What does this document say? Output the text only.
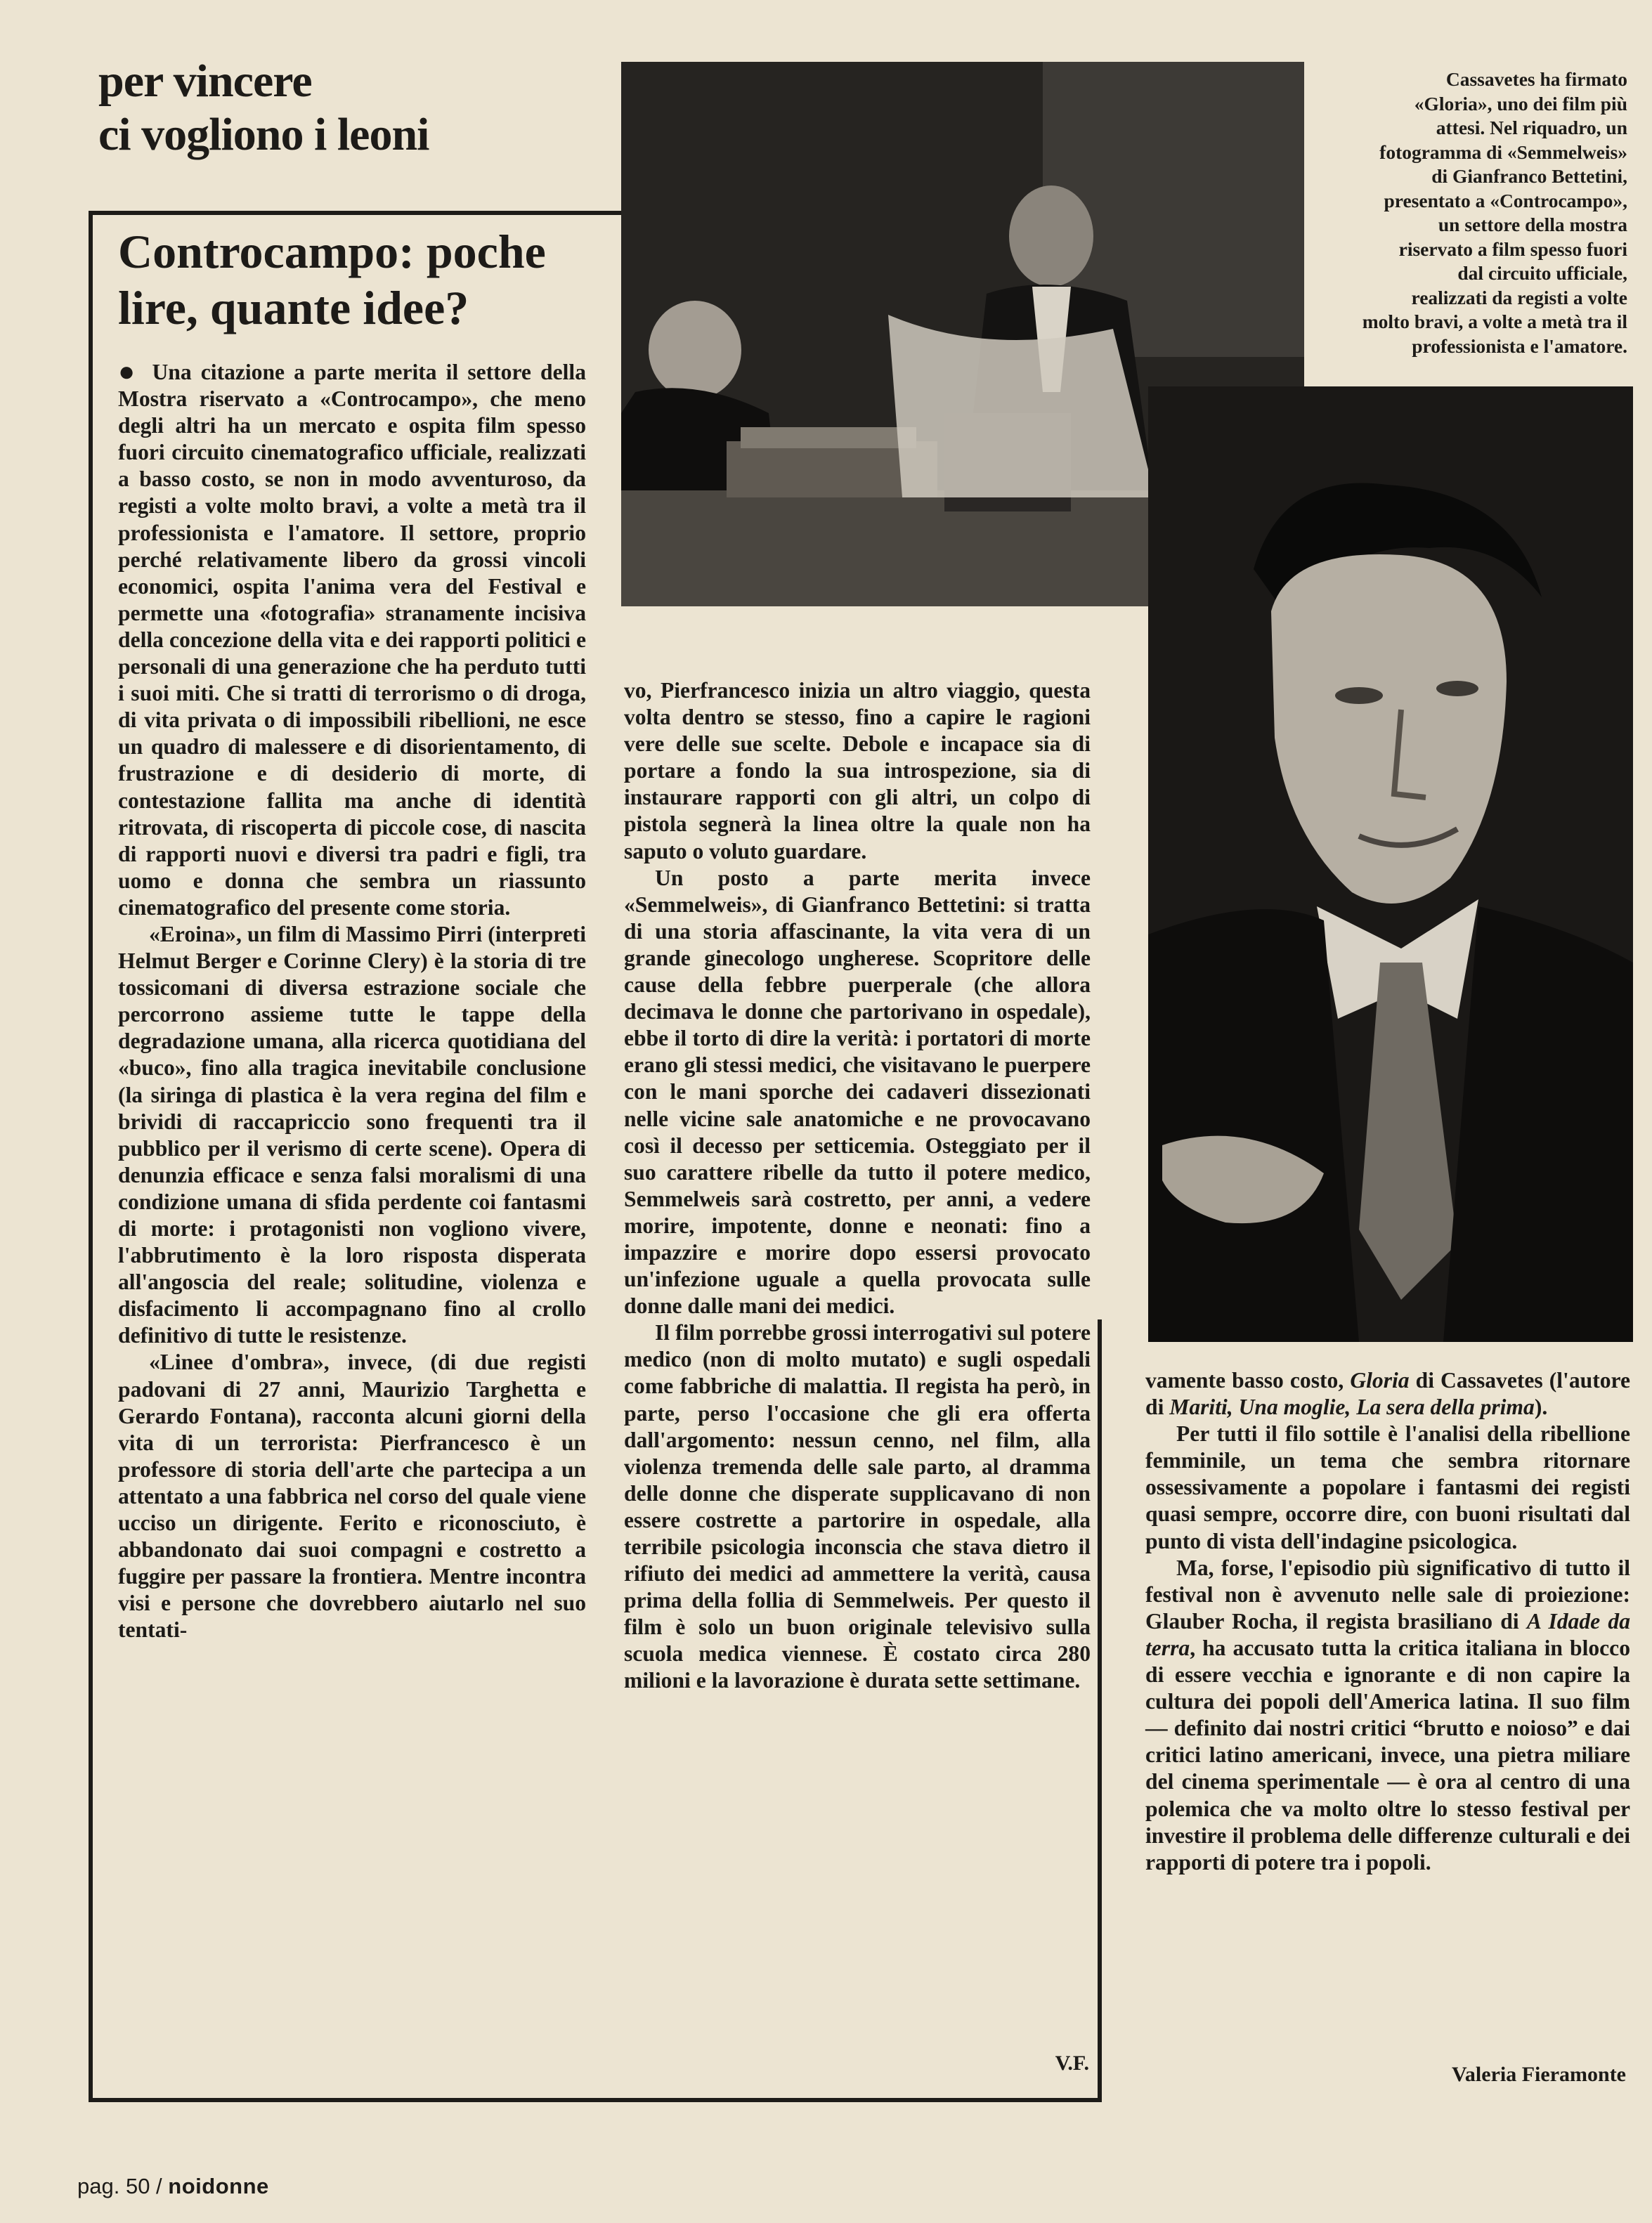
per vincere
ci vogliono i leoni
Cassavetes ha firmato
«Gloria», uno dei film più
attesi. Nel riquadro, un
fotogramma di «Semmelweis»
di Gianfranco Bettetini,
presentato a «Controcampo»,
un settore della mostra
riservato a film spesso fuori
dal circuito ufficiale,
realizzati da registi a volte
molto bravi, a volte a metà tra il
professionista e l'amatore.
Controcampo: poche
lire, quante idee?

● Una citazione a parte merita il settore della Mostra riservato a «Controcampo», che meno degli altri ha un mercato e ospita film spesso fuori circuito cinematografico ufficiale, realizzati a basso costo, se non in modo avventuroso, da registi a volte molto bravi, a volte a metà tra il professionista e l'amatore. Il settore, proprio perché relativamente libero da grossi vincoli economici, ospita l'anima vera del Festival e permette una «fotografia» stranamente incisiva della concezione della vita e dei rapporti politici e personali di una generazione che ha perduto tutti i suoi miti. Che si tratti di terrorismo o di droga, di vita privata o di impossibili ribellioni, ne esce un quadro di malessere e di disorientamento, di frustrazione e di desiderio di morte, di contestazione fallita ma anche di identità ritrovata, di riscoperta di piccole cose, di nascita di rapporti nuovi e diversi tra padri e figli, tra uomo e donna che sembra un riassunto cinematografico del presente come storia.

«Eroina», un film di Massimo Pirri (interpreti Helmut Berger e Corinne Clery) è la storia di tre tossicomani di diversa estrazione sociale che percorrono assieme tutte le tappe della degradazione umana, alla ricerca quotidiana del «buco», fino alla tragica inevitabile conclusione (la siringa di plastica è la vera regina del film e brividi di raccapriccio sono frequenti tra il pubblico per il verismo di certe scene). Opera di denunzia efficace e senza falsi moralismi di una condizione umana di sfida perdente coi fantasmi di morte: i protagonisti non vogliono vivere, l'abbrutimento è la loro risposta disperata all'angoscia del reale; solitudine, violenza e disfacimento li accompagnano fino al crollo definitivo di tutte le resistenze.

«Linee d'ombra», invece, (di due registi padovani di 27 anni, Maurizio Targhetta e Gerardo Fontana), racconta alcuni giorni della vita di un terrorista: Pierfrancesco è un professore di storia dell'arte che partecipa a un attentato a una fabbrica nel corso del quale viene ucciso un dirigente. Ferito e riconosciuto, è abbandonato dai suoi compagni e costretto a fuggire per passare la frontiera. Mentre incontra visi e persone che dovrebbero aiutarlo nel suo tentati-

vo, Pierfrancesco inizia un altro viaggio, questa volta dentro se stesso, fino a capire le ragioni vere delle sue scelte. Debole e incapace sia di portare a fondo la sua introspezione, sia di instaurare rapporti con gli altri, un colpo di pistola segnerà la linea oltre la quale non ha saputo o voluto guardare.

Un posto a parte merita invece «Semmelweis», di Gianfranco Bettetini: si tratta di una storia affascinante, la vita vera di un grande ginecologo ungherese. Scopritore delle cause della febbre puerperale (che allora decimava le donne che partorivano in ospedale), ebbe il torto di dire la verità: i portatori di morte erano gli stessi medici, che visitavano le puerpere con le mani sporche dei cadaveri dissezionati nelle vicine sale anatomiche e ne provocavano così il decesso per setticemia. Osteggiato per il suo carattere ribelle da tutto il potere medico, Semmelweis sarà costretto, per anni, a vedere morire, impotente, donne e neonati: fino a impazzire e morire dopo essersi provocato un'infezione uguale a quella provocata sulle donne dalle mani dei medici.

Il film porrebbe grossi interrogativi sul potere medico (non di molto mutato) e sugli ospedali come fabbriche di malattia. Il regista ha però, in parte, perso l'occasione che gli era offerta dall'argomento: nessun cenno, nel film, alla violenza tremenda delle sale parto, al dramma delle donne che disperate supplicavano di non essere costrette a partorire in ospedale, alla terribile psicologia inconscia che stava dietro il rifiuto dei medici ad ammettere la verità, causa prima della follia di Semmelweis. Per questo il film è solo un buon originale televisivo sulla scuola medica viennese. È costato circa 280 milioni e la lavorazione è durata sette settimane.

V.F.

vamente basso costo, Gloria di Cassavetes (l'autore di Mariti, Una moglie, La sera della prima).

Per tutti il filo sottile è l'analisi della ribellione femminile, un tema che sembra ritornare ossessivamente a popolare i fantasmi dei registi quasi sempre, occorre dire, con buoni risultati dal punto di vista dell'indagine psicologica.

Ma, forse, l'episodio più significativo di tutto il festival non è avvenuto nelle sale di proiezione: Glauber Rocha, il regista brasiliano di A Idade da terra, ha accusato tutta la critica italiana in blocco di essere vecchia e ignorante e di non capire la cultura dei popoli dell'America latina. Il suo film — definito dai nostri critici “brutto e noioso” e dai critici latino americani, invece, una pietra miliare del cinema sperimentale — è ora al centro di una polemica che va molto oltre lo stesso festival per investire il problema delle differenze culturali e dei rapporti di potere tra i popoli.

Valeria Fieramonte
pag. 50 / noidonne
